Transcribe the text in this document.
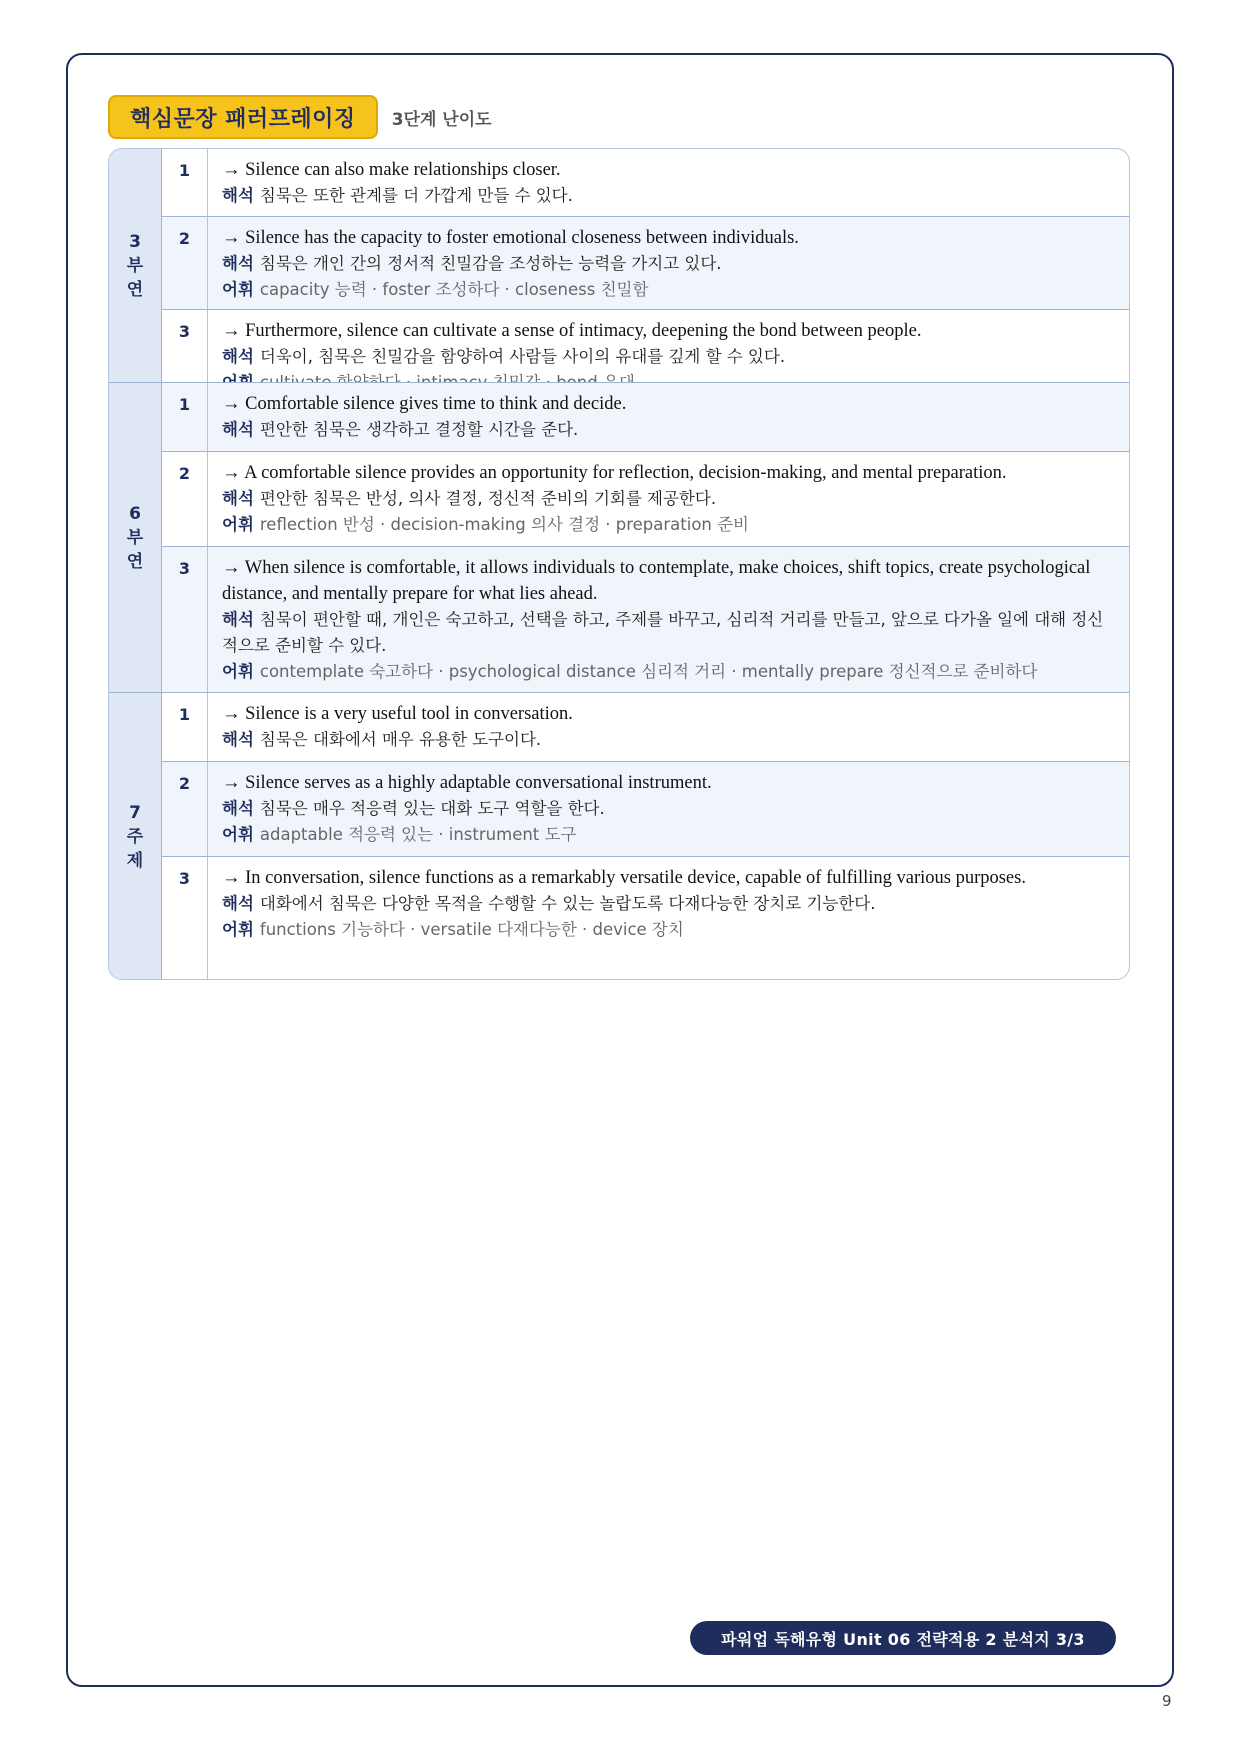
핵심문장 패러프레이징	3단계 난이도
3
부
연
1	→ Silence can also make relationships closer.
해석 침묵은 또한 관계를 더 가깝게 만들 수 있다.
2	→ Silence has the capacity to foster emotional closeness between individuals.
해석 침묵은 개인 간의 정서적 친밀감을 조성하는 능력을 가지고 있다.
어휘 capacity 능력 · foster 조성하다 · closeness 친밀함
3	→ Furthermore, silence can cultivate a sense of intimacy, deepening the bond between people.
해석 더욱이, 침묵은 친밀감을 함양하여 사람들 사이의 유대를 깊게 할 수 있다.
6
부
연
1	→ Comfortable silence gives time to think and decide.
해석 편안한 침묵은 생각하고 결정할 시간을 준다.
2	→ A comfortable silence provides an opportunity for reflection, decision-making, and mental preparation.
해석 편안한 침묵은 반성, 의사 결정, 정신적 준비의 기회를 제공한다.
어휘 reflection 반성 · decision-making 의사 결정 · preparation 준비
3	→ When silence is comfortable, it allows individuals to contemplate, make choices, shift topics, create psychological distance, and mentally prepare for what lies ahead.
해석 침묵이 편안할 때, 개인은 숙고하고, 선택을 하고, 주제를 바꾸고, 심리적 거리를 만들고, 앞으로 다가올 일에 대해 정신적으로 준비할 수 있다.
어휘 contemplate 숙고하다 · psychological distance 심리적 거리 · mentally prepare 정신적으로 준비하다
7
주
제
1	→ Silence is a very useful tool in conversation.
해석 침묵은 대화에서 매우 유용한 도구이다.
2	→ Silence serves as a highly adaptable conversational instrument.
해석 침묵은 매우 적응력 있는 대화 도구 역할을 한다.
어휘 adaptable 적응력 있는 · instrument 도구
3	→ In conversation, silence functions as a remarkably versatile device, capable of fulfilling various purposes.
해석 대화에서 침묵은 다양한 목적을 수행할 수 있는 놀랍도록 다재다능한 장치로 기능한다.
어휘 functions 기능하다 · versatile 다재다능한 · device 장치
파워업 독해유형 Unit 06 전략적용 2 분석지 3/3
9
